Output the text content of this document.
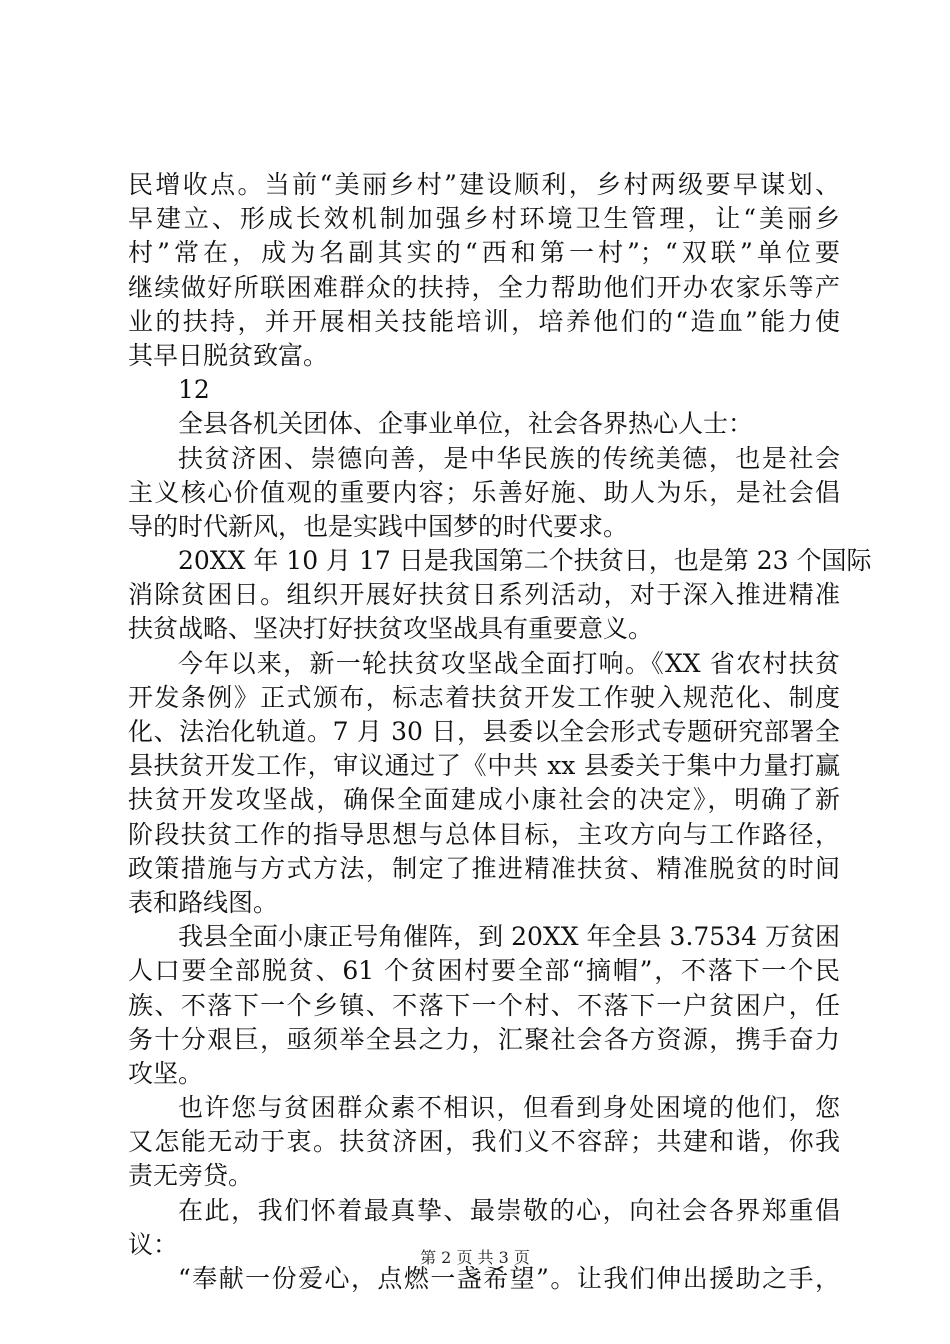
民增收点。当前“美丽乡村”建设顺利，乡村两级要早谋划、
早建立、形成长效机制加强乡村环境卫生管理，让“美丽乡
村”常在，成为名副其实的“西和第一村”；“双联”单位要
继续做好所联困难群众的扶持，全力帮助他们开办农家乐等产
业的扶持，并开展相关技能培训，培养他们的“造血”能力使
其早日脱贫致富。
12
全县各机关团体、企事业单位，社会各界热心人士：
扶贫济困、崇德向善，是中华民族的传统美德，也是社会
主义核心价值观的重要内容；乐善好施、助人为乐，是社会倡
导的时代新风，也是实践中国梦的时代要求。
20XX 年 10 月 17 日是我国第二个扶贫日，也是第 23 个国际
消除贫困日。组织开展好扶贫日系列活动，对于深入推进精准
扶贫战略、坚决打好扶贫攻坚战具有重要意义。
今年以来，新一轮扶贫攻坚战全面打响。《XX 省农村扶贫
开发条例》正式颁布，标志着扶贫开发工作驶入规范化、制度
化、法治化轨道。7 月 30 日，县委以全会形式专题研究部署全
县扶贫开发工作，审议通过了《中共 xx 县委关于集中力量打赢
扶贫开发攻坚战，确保全面建成小康社会的决定》，明确了新
阶段扶贫工作的指导思想与总体目标，主攻方向与工作路径，
政策措施与方式方法，制定了推进精准扶贫、精准脱贫的时间
表和路线图。
我县全面小康正号角催阵，到 20XX 年全县 3.7534 万贫困
人口要全部脱贫、61 个贫困村要全部“摘帽”，不落下一个民
族、不落下一个乡镇、不落下一个村、不落下一户贫困户，任
务十分艰巨，亟须举全县之力，汇聚社会各方资源，携手奋力
攻坚。
也许您与贫困群众素不相识，但看到身处困境的他们，您
又怎能无动于衷。扶贫济困，我们义不容辞；共建和谐，你我
责无旁贷。
在此，我们怀着最真挚、最崇敬的心，向社会各界郑重倡
议：
“奉献一份爱心，点燃一盏希望”。让我们伸出援助之手，
第 2 页 共 3 页
